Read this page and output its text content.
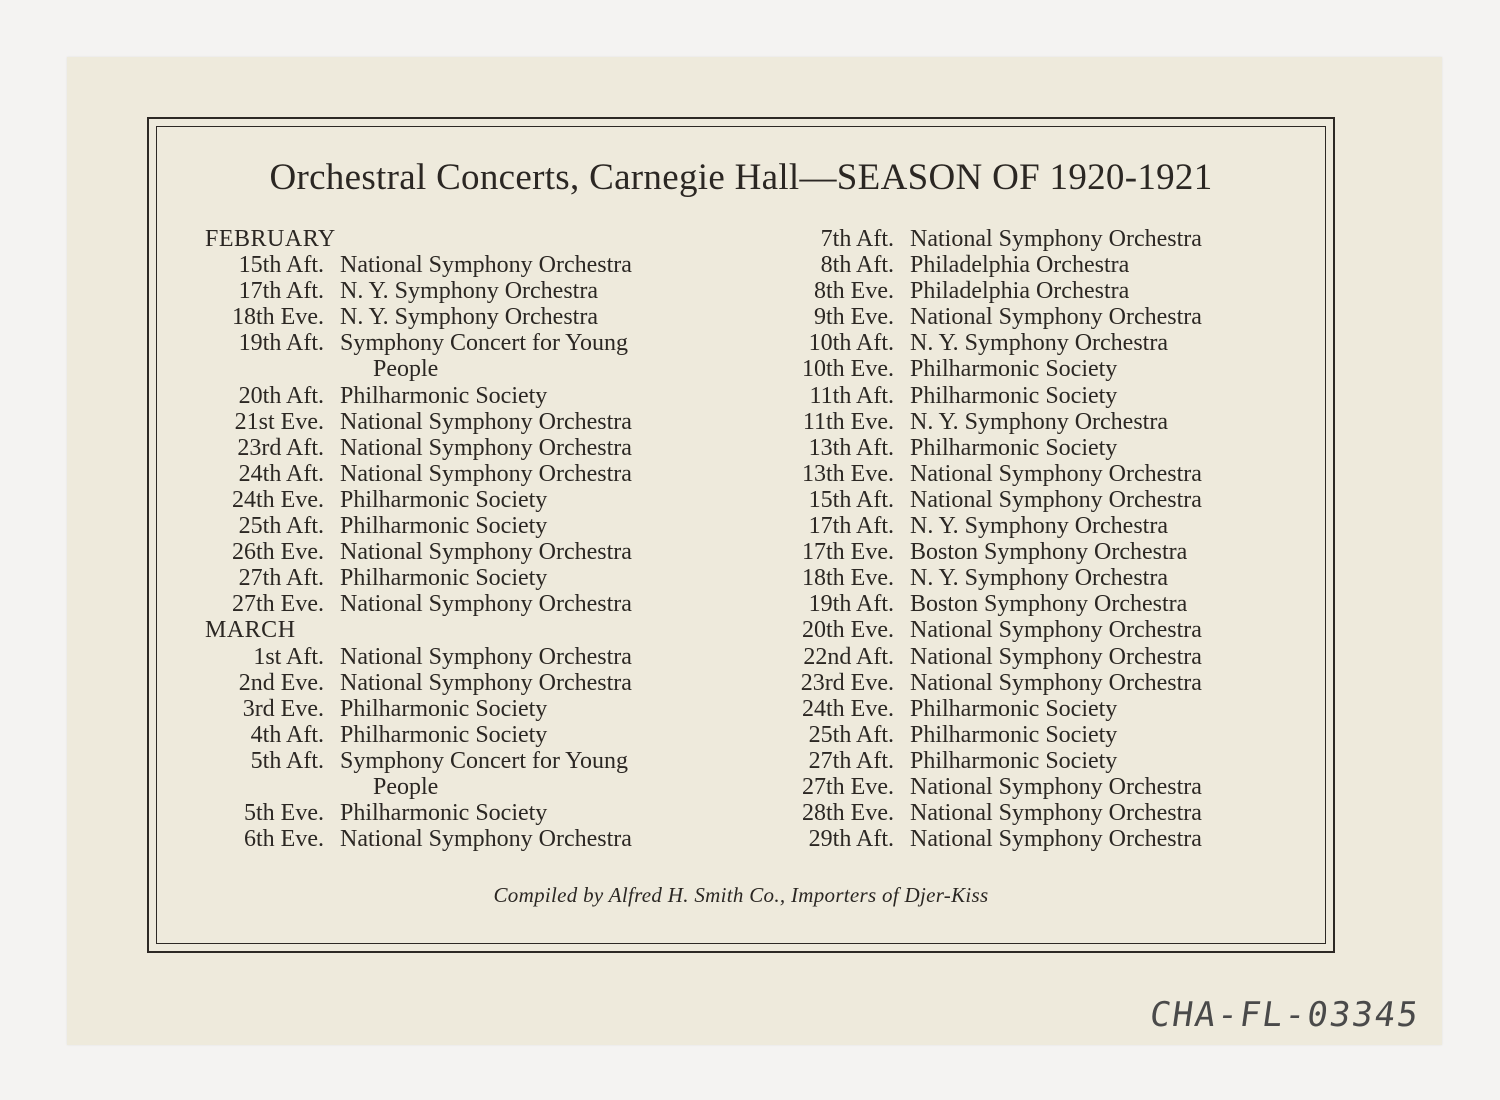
Orchestral Concerts, Carnegie Hall—SEASON OF 1920-1921
FEBRUARY
15th Aft. National Symphony Orchestra
17th Aft. N. Y. Symphony Orchestra
18th Eve. N. Y. Symphony Orchestra
19th Aft. Symphony Concert for Young
People
20th Aft. Philharmonic Society
21st Eve. National Symphony Orchestra
23rd Aft. National Symphony Orchestra
24th Aft. National Symphony Orchestra
24th Eve. Philharmonic Society
25th Aft. Philharmonic Society
26th Eve. National Symphony Orchestra
27th Aft. Philharmonic Society
27th Eve. National Symphony Orchestra
MARCH
1st Aft. National Symphony Orchestra
2nd Eve. National Symphony Orchestra
3rd Eve. Philharmonic Society
4th Aft. Philharmonic Society
5th Aft. Symphony Concert for Young
People
5th Eve. Philharmonic Society
6th Eve. National Symphony Orchestra
7th Aft. National Symphony Orchestra
8th Aft. Philadelphia Orchestra
8th Eve. Philadelphia Orchestra
9th Eve. National Symphony Orchestra
10th Aft. N. Y. Symphony Orchestra
10th Eve. Philharmonic Society
11th Aft. Philharmonic Society
11th Eve. N. Y. Symphony Orchestra
13th Aft. Philharmonic Society
13th Eve. National Symphony Orchestra
15th Aft. National Symphony Orchestra
17th Aft. N. Y. Symphony Orchestra
17th Eve. Boston Symphony Orchestra
18th Eve. N. Y. Symphony Orchestra
19th Aft. Boston Symphony Orchestra
20th Eve. National Symphony Orchestra
22nd Aft. National Symphony Orchestra
23rd Eve. National Symphony Orchestra
24th Eve. Philharmonic Society
25th Aft. Philharmonic Society
27th Aft. Philharmonic Society
27th Eve. National Symphony Orchestra
28th Eve. National Symphony Orchestra
29th Aft. National Symphony Orchestra
Compiled by Alfred H. Smith Co., Importers of Djer-Kiss
CHA-FL-03345
